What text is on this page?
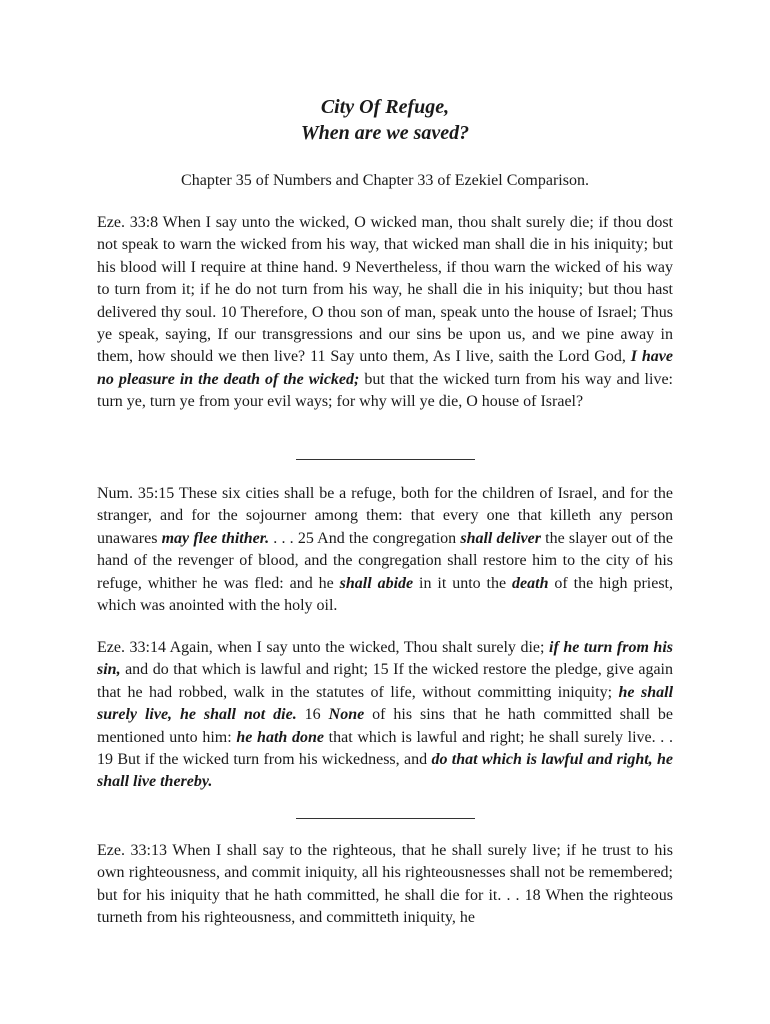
City Of Refuge,
When are we saved?
Chapter 35 of Numbers and Chapter 33 of Ezekiel Comparison.
Eze. 33:8 When I say unto the wicked, O wicked man, thou shalt surely die; if thou dost not speak to warn the wicked from his way, that wicked man shall die in his iniquity; but his blood will I require at thine hand. 9 Nevertheless, if thou warn the wicked of his way to turn from it; if he do not turn from his way, he shall die in his iniquity; but thou hast delivered thy soul. 10 Therefore, O thou son of man, speak unto the house of Israel; Thus ye speak, saying, If our transgressions and our sins be upon us, and we pine away in them, how should we then live? 11 Say unto them, As I live, saith the Lord God, I have no pleasure in the death of the wicked; but that the wicked turn from his way and live: turn ye, turn ye from your evil ways; for why will ye die, O house of Israel?
Num. 35:15 These six cities shall be a refuge, both for the children of Israel, and for the stranger, and for the sojourner among them: that every one that killeth any person unawares may flee thither. . . . 25 And the congregation shall deliver the slayer out of the hand of the revenger of blood, and the congregation shall restore him to the city of his refuge, whither he was fled: and he shall abide in it unto the death of the high priest, which was anointed with the holy oil.
Eze. 33:14 Again, when I say unto the wicked, Thou shalt surely die; if he turn from his sin, and do that which is lawful and right; 15 If the wicked restore the pledge, give again that he had robbed, walk in the statutes of life, without committing iniquity; he shall surely live, he shall not die. 16 None of his sins that he hath committed shall be mentioned unto him: he hath done that which is lawful and right; he shall surely live. . . 19 But if the wicked turn from his wickedness, and do that which is lawful and right, he shall live thereby.
Eze. 33:13 When I shall say to the righteous, that he shall surely live; if he trust to his own righteousness, and commit iniquity, all his righteousnesses shall not be remembered; but for his iniquity that he hath committed, he shall die for it. . . 18 When the righteous turneth from his righteousness, and committeth iniquity, he
